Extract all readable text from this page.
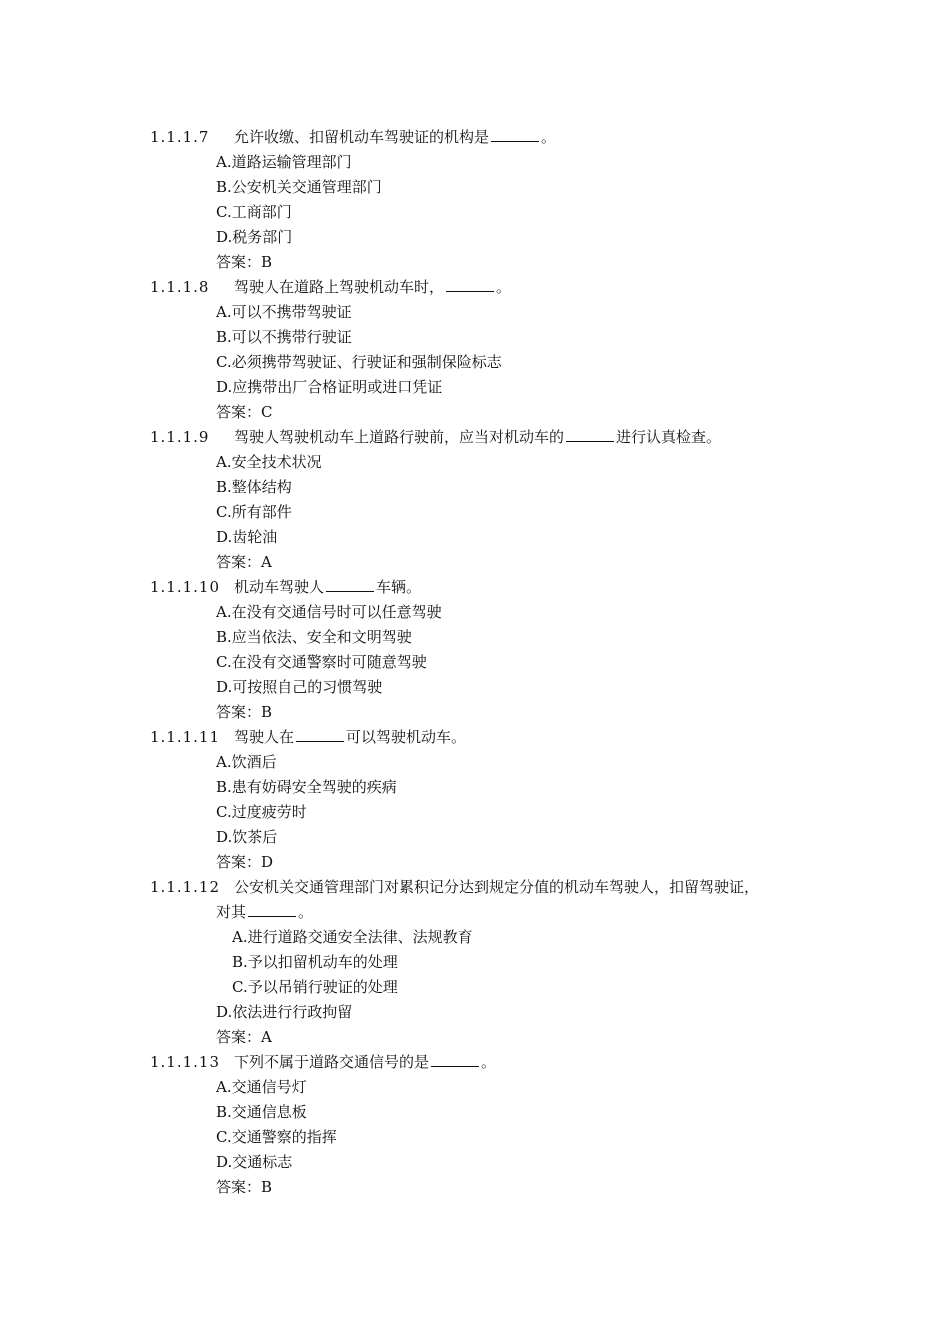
1.1.1.7	允许收缴、扣留机动车驾驶证的机构是	。
A.道路运输管理部门
B.公安机关交通管理部门
C.工商部门
D.税务部门
答案：B
1.1.1.8	驾驶人在道路上驾驶机动车时，	。
A.可以不携带驾驶证
B.可以不携带行驶证
C.必须携带驾驶证、行驶证和强制保险标志
D.应携带出厂合格证明或进口凭证
答案：C
1.1.1.9	驾驶人驾驶机动车上道路行驶前，应当对机动车的	进行认真检查。
A.安全技术状况
B.整体结构
C.所有部件
D.齿轮油
答案：A
1.1.1.10 机动车驾驶人	车辆。
A.在没有交通信号时可以任意驾驶
B.应当依法、安全和文明驾驶
C.在没有交通警察时可随意驾驶
D.可按照自己的习惯驾驶
答案：B
1.1.1.11 驾驶人在	可以驾驶机动车。
A.饮酒后
B.患有妨碍安全驾驶的疾病
C.过度疲劳时
D.饮茶后
答案：D
1.1.1.12 公安机关交通管理部门对累积记分达到规定分值的机动车驾驶人，扣留驾驶证，
对其	。
A.进行道路交通安全法律、法规教育
B.予以扣留机动车的处理
C.予以吊销行驶证的处理
D.依法进行行政拘留
答案：A
1.1.1.13 下列不属于道路交通信号的是	。
A.交通信号灯
B.交通信息板
C.交通警察的指挥
D.交通标志
答案：B
